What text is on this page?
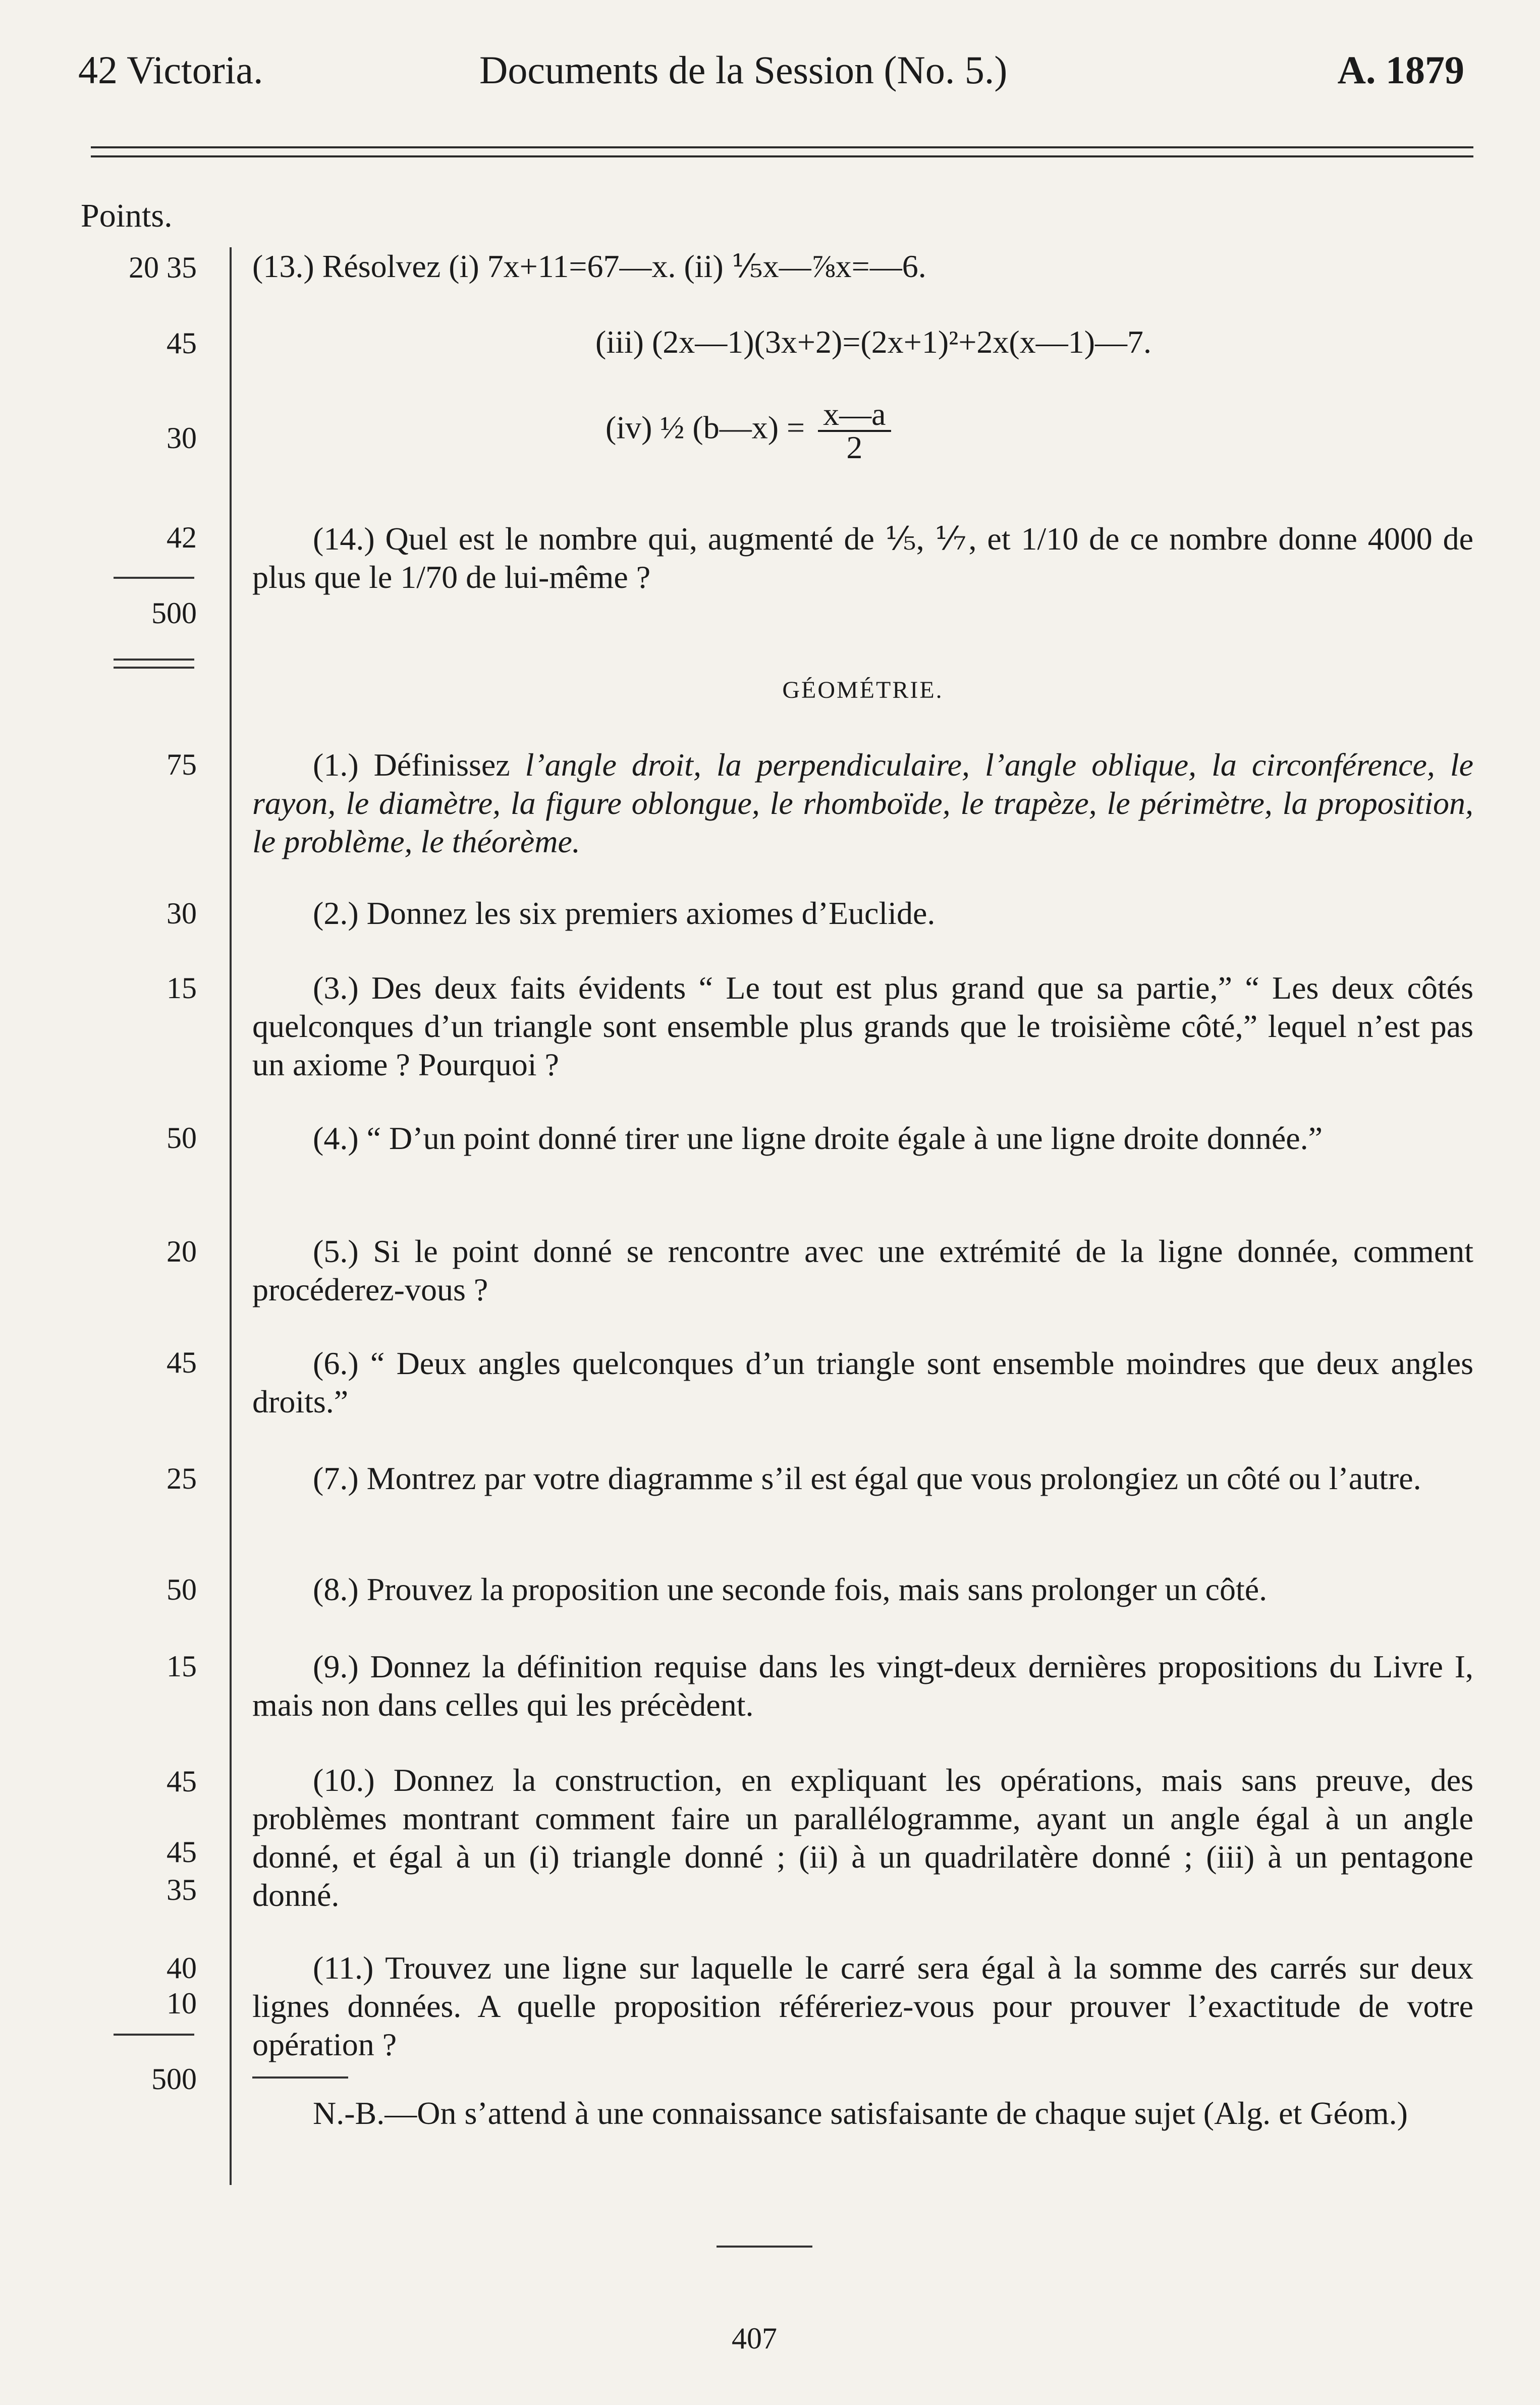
42 Victoria.	Documents de la Session (No. 5.)	A. 1879
Points.
20 35
45
30
42
500
75
30
15
50
20
45
25
50
15
45
45
35
40
10
500
(13.) Résolvez (i) 7x+11=67—x. (ii) ⅕x—⅞x=—6.
(iii) (2x—1)(3x+2)=(2x+1)²+2x(x—1)—7.
(iv) ½ (b—x) = $\frac{x—a}{2}$
(14.) Quel est le nombre qui, augmenté de ⅕, ⅐, et 1/10 de ce nombre donne 4000 de plus que le 1/70 de lui-même ?
GÉOMÉTRIE.
(1.) Définissez l’angle droit, la perpendiculaire, l’angle oblique, la circonférence, le rayon, le diamètre, la figure oblongue, le rhomboïde, le trapèze, le périmètre, la proposition, le problème, le théorème.
(2.) Donnez les six premiers axiomes d’Euclide.
(3.) Des deux faits évidents “ Le tout est plus grand que sa partie,” “ Les deux côtés quelconques d’un triangle sont ensemble plus grands que le troisième côté,” lequel n’est pas un axiome ? Pourquoi ?
(4.) “ D’un point donné tirer une ligne droite égale à une ligne droite donnée.”
(5.) Si le point donné se rencontre avec une extrémité de la ligne donnée, comment procéderez-vous ?
(6.) “ Deux angles quelconques d’un triangle sont ensemble moindres que deux angles droits.”
(7.) Montrez par votre diagramme s’il est égal que vous prolongiez un côté ou l’autre.
(8.) Prouvez la proposition une seconde fois, mais sans prolonger un côté.
(9.) Donnez la définition requise dans les vingt-deux dernières propositions du Livre I, mais non dans celles qui les précèdent.
(10.) Donnez la construction, en expliquant les opérations, mais sans preuve, des problèmes montrant comment faire un parallélogramme, ayant un angle égal à un angle donné, et égal à un (i) triangle donné ; (ii) à un quadrilatère donné ; (iii) à un pentagone donné.
(11.) Trouvez une ligne sur laquelle le carré sera égal à la somme des carrés sur deux lignes données. A quelle proposition référeriez-vous pour prouver l’exactitude de votre opération ?
N.-B.—On s’attend à une connaissance satisfaisante de chaque sujet (Alg. et Géom.)
407
